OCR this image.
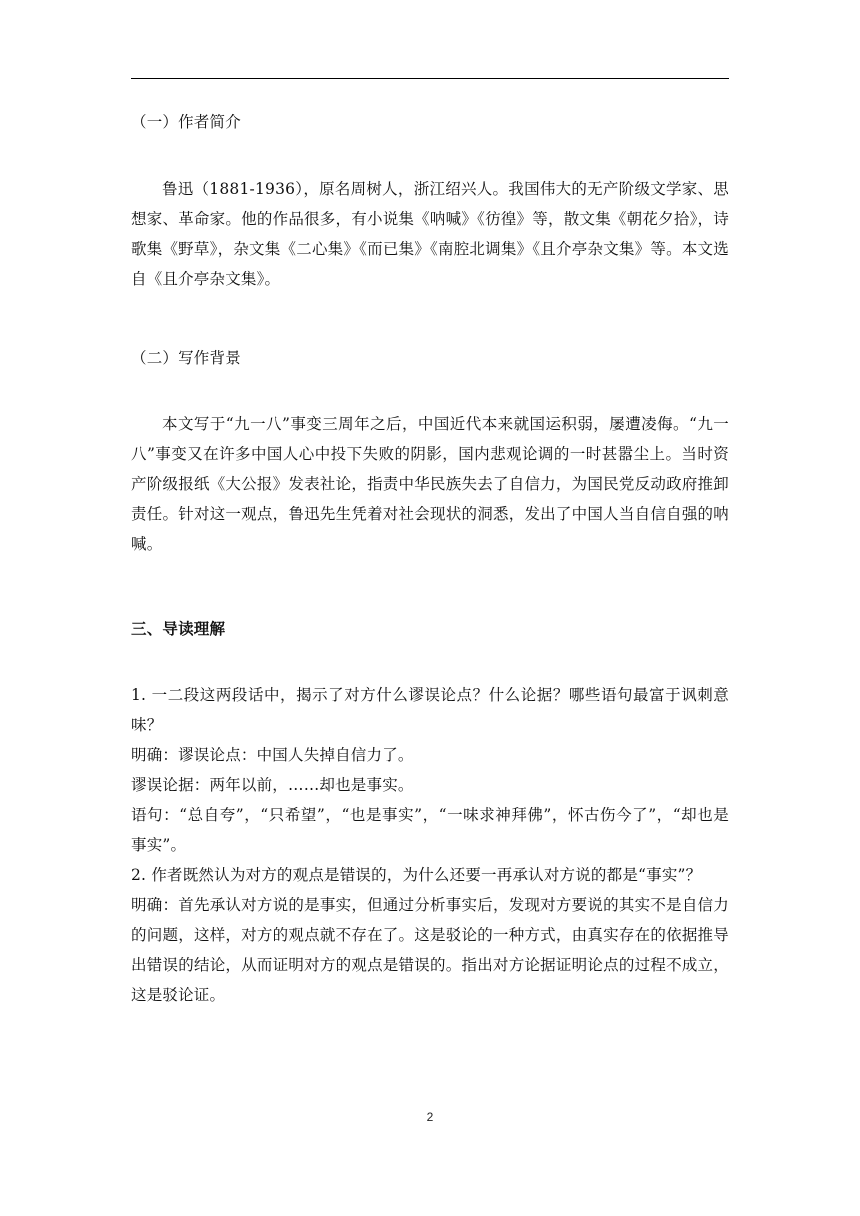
（一）作者简介

鲁迅（1881-1936），原名周树人，浙江绍兴人。我国伟大的无产阶级文学家、思想家、革命家。他的作品很多，有小说集《呐喊》《彷徨》等，散文集《朝花夕拾》，诗歌集《野草》，杂文集《二心集》《而已集》《南腔北调集》《且介亭杂文集》等。本文选自《且介亭杂文集》。

（二）写作背景

本文写于“九一八”事变三周年之后，中国近代本来就国运积弱，屡遭凌侮。“九一八”事变又在许多中国人心中投下失败的阴影，国内悲观论调的一时甚嚣尘上。当时资产阶级报纸《大公报》发表社论，指责中华民族失去了自信力，为国民党反动政府推卸责任。针对这一观点，鲁迅先生凭着对社会现状的洞悉，发出了中国人当自信自强的呐喊。

三、导读理解

1. 一二段这两段话中，揭示了对方什么谬误论点？什么论据？哪些语句最富于讽刺意味？

明确：谬误论点：中国人失掉自信力了。

谬误论据：两年以前，……却也是事实。

语句：“总自夸”，“只希望”，“也是事实”，“一味求神拜佛”，怀古伤今了”，“却也是事实”。

2. 作者既然认为对方的观点是错误的，为什么还要一再承认对方说的都是“事实”？

明确：首先承认对方说的是事实，但通过分析事实后，发现对方要说的其实不是自信力的问题，这样，对方的观点就不存在了。这是驳论的一种方式，由真实存在的依据推导出错误的结论，从而证明对方的观点是错误的。指出对方论据证明论点的过程不成立，这是驳论证。

2
